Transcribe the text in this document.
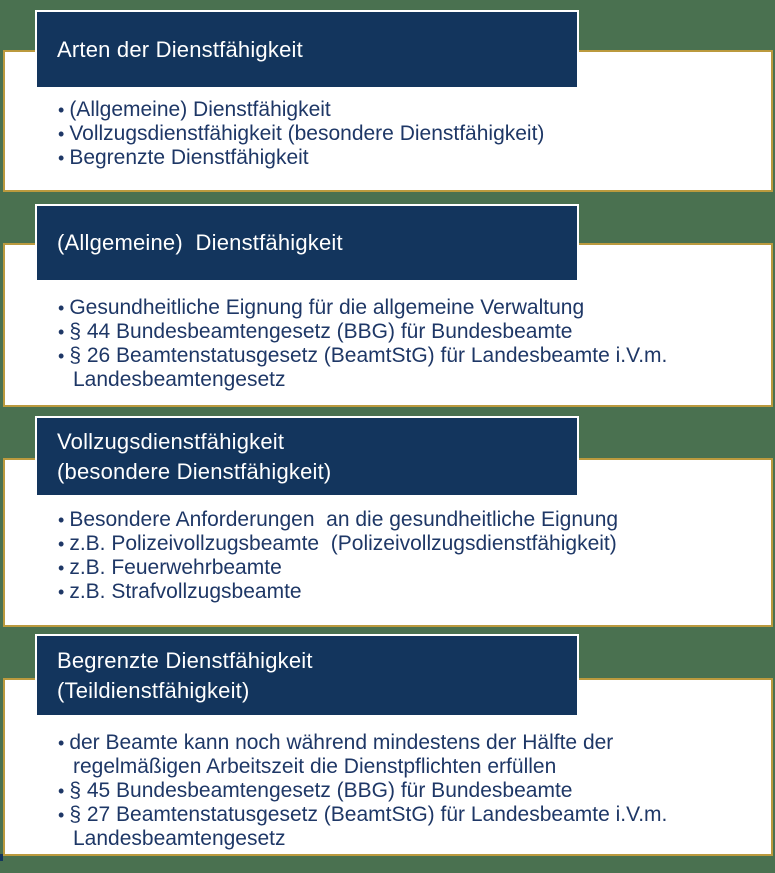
• (Allgemeine) Dienstfähigkeit
• Vollzugsdienstfähigkeit (besondere Dienstfähigkeit)
• Begrenzte Dienstfähigkeit
Arten der Dienstfähigkeit
• Gesundheitliche Eignung für die allgemeine Verwaltung
• § 44 Bundesbeamtengesetz (BBG) für Bundesbeamte
• § 26 Beamtenstatusgesetz (BeamtStG) für Landesbeamte i.V.m.
Landesbeamtengesetz
(Allgemeine)  Dienstfähigkeit
• Besondere Anforderungen  an die gesundheitliche Eignung
• z.B. Polizeivollzugsbeamte  (Polizeivollzugsdienstfähigkeit)
• z.B. Feuerwehrbeamte
• z.B. Strafvollzugsbeamte
Vollzugsdienstfähigkeit
(besondere Dienstfähigkeit)
• der Beamte kann noch während mindestens der Hälfte der
regelmäßigen Arbeitszeit die Dienstpflichten erfüllen
• § 45 Bundesbeamtengesetz (BBG) für Bundesbeamte
• § 27 Beamtenstatusgesetz (BeamtStG) für Landesbeamte i.V.m.
Landesbeamtengesetz
Begrenzte Dienstfähigkeit
(Teildienstfähigkeit)
